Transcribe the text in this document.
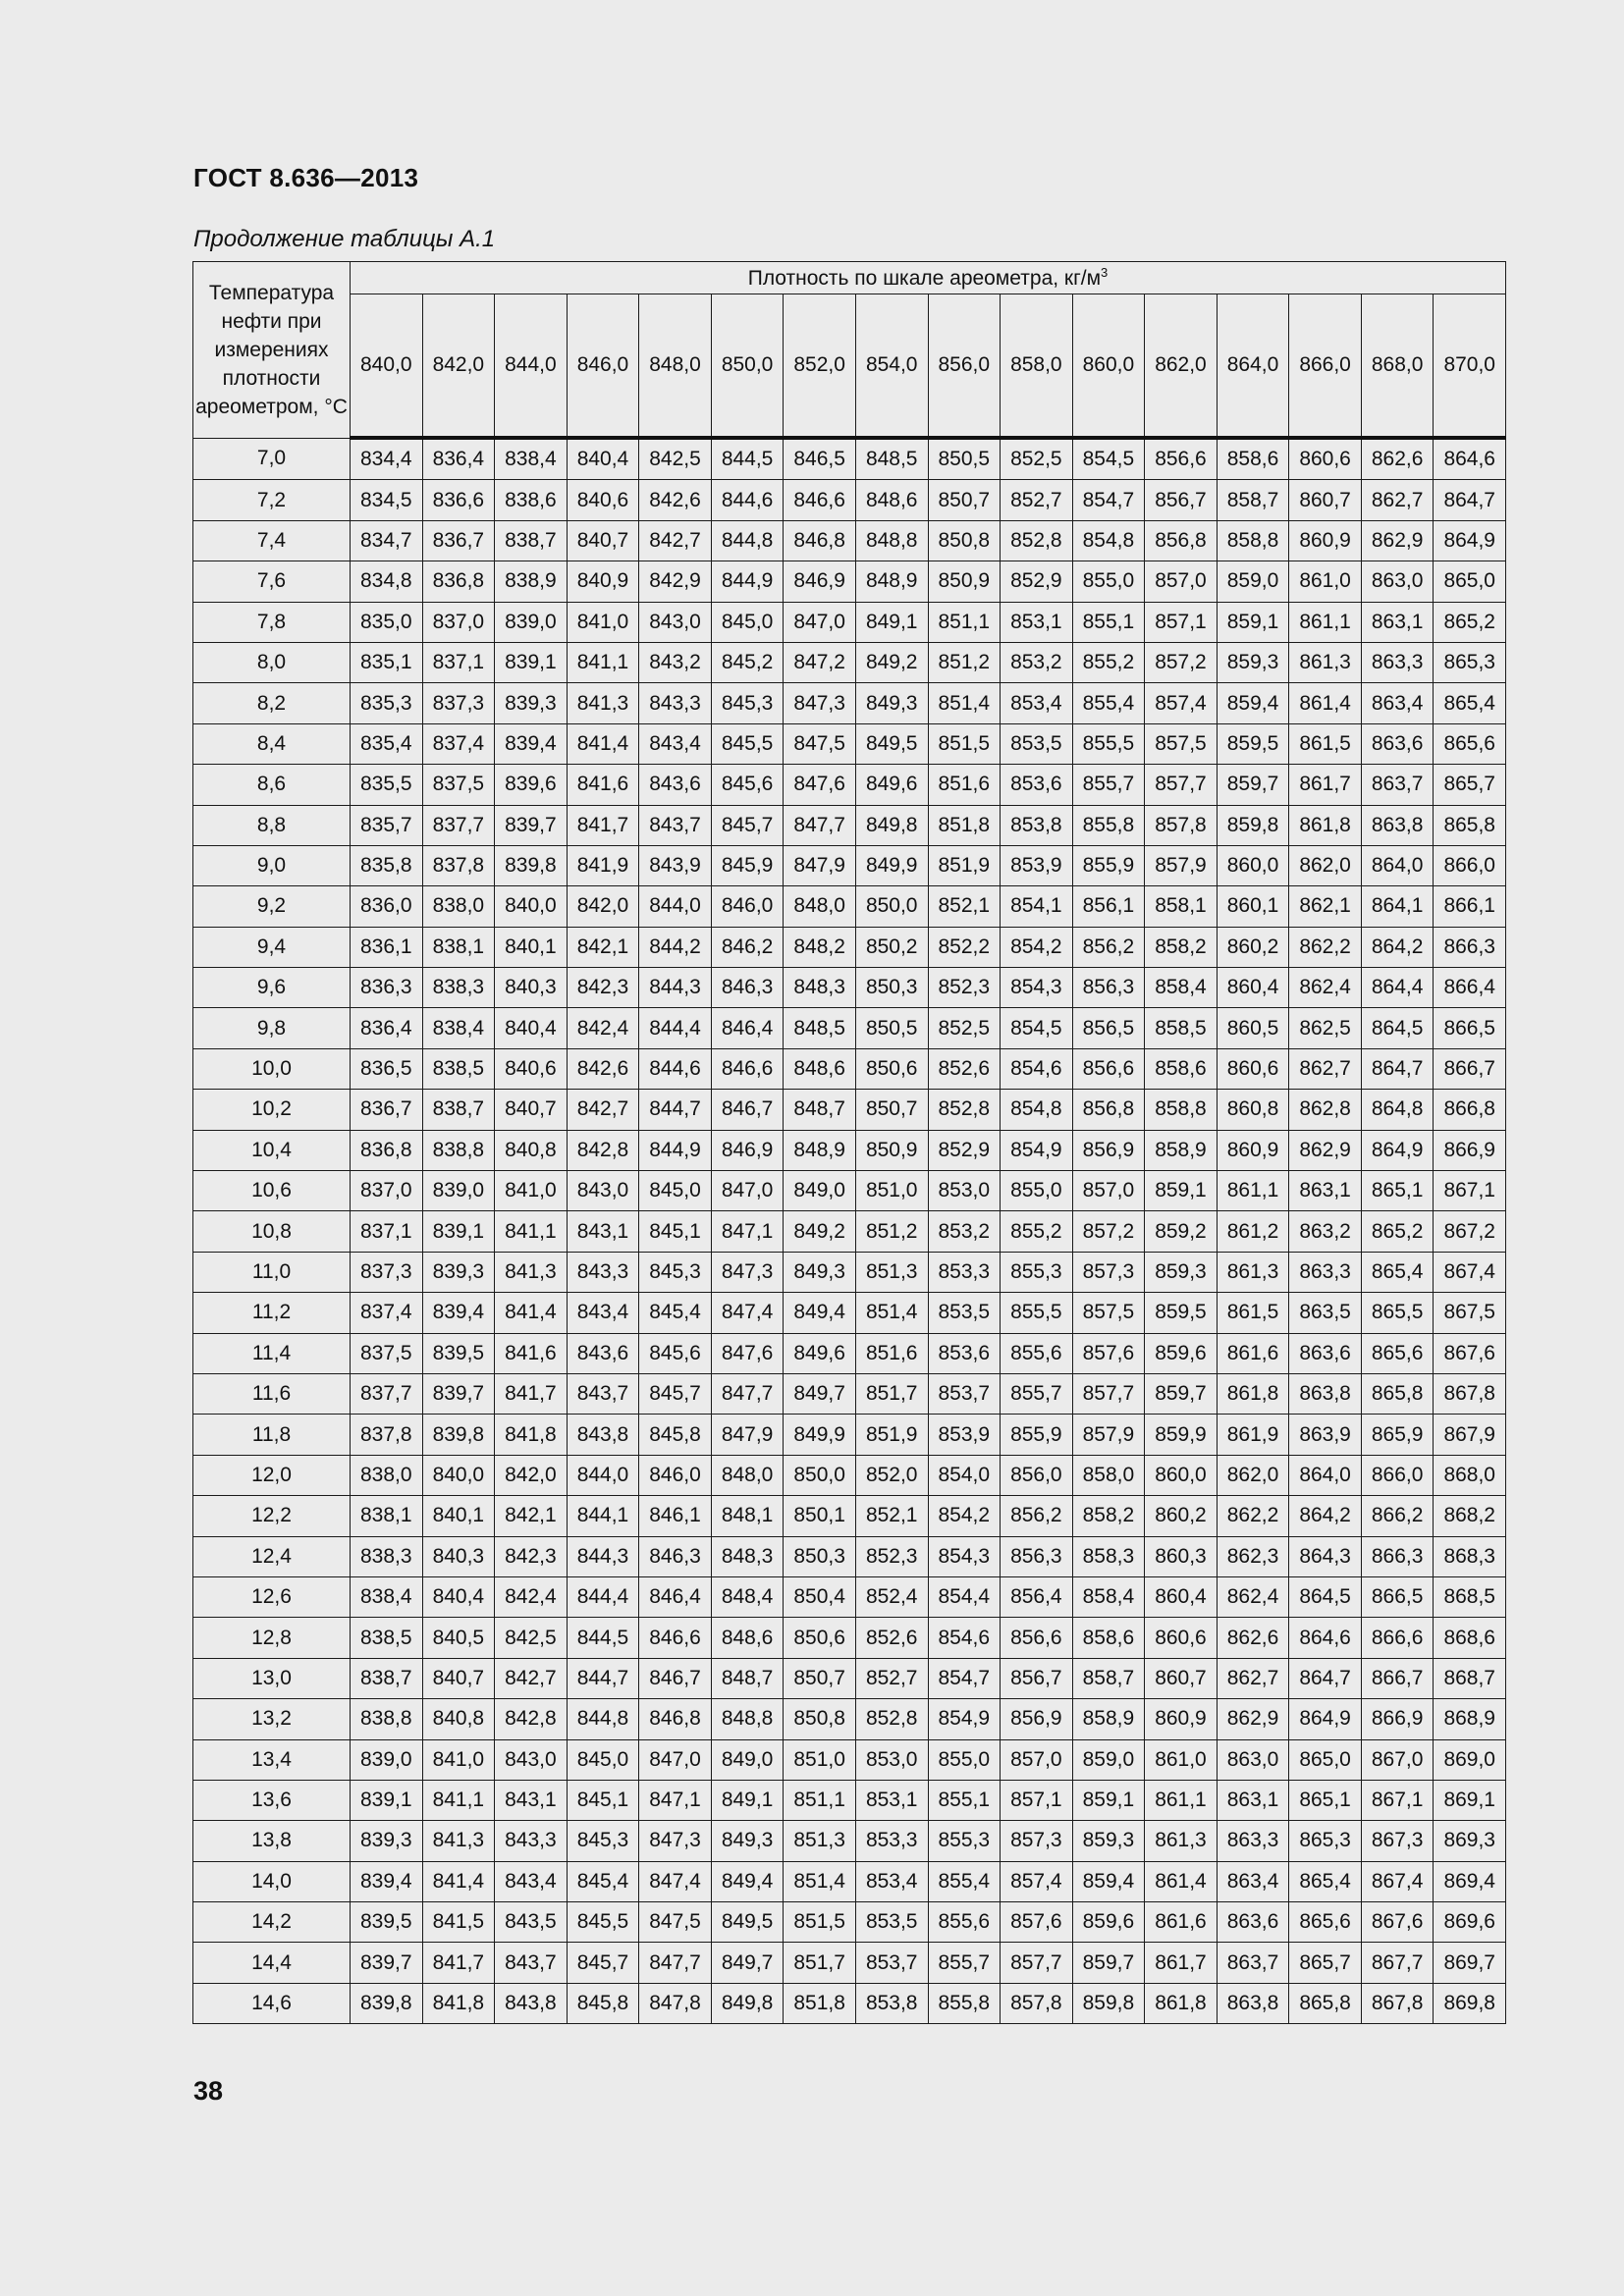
ГОСТ 8.636—2013
Продолжение таблицы А.1
Температура нефти при измерениях плотности ареометром, °С	Плотность по шкале ареометра, $кг/м^3$
	840,0	842,0	844,0	846,0	848,0	850,0	852,0	854,0	856,0	858,0	860,0	862,0	864,0	866,0	868,0	870,0
7,0	834,4	836,4	838,4	840,4	842,5	844,5	846,5	848,5	850,5	852,5	854,5	856,6	858,6	860,6	862,6	864,6
7,2	834,5	836,6	838,6	840,6	842,6	844,6	846,6	848,6	850,7	852,7	854,7	856,7	858,7	860,7	862,7	864,7
7,4	834,7	836,7	838,7	840,7	842,7	844,8	846,8	848,8	850,8	852,8	854,8	856,8	858,8	860,9	862,9	864,9
7,6	834,8	836,8	838,9	840,9	842,9	844,9	846,9	848,9	850,9	852,9	855,0	857,0	859,0	861,0	863,0	865,0
7,8	835,0	837,0	839,0	841,0	843,0	845,0	847,0	849,1	851,1	853,1	855,1	857,1	859,1	861,1	863,1	865,2
8,0	835,1	837,1	839,1	841,1	843,2	845,2	847,2	849,2	851,2	853,2	855,2	857,2	859,3	861,3	863,3	865,3
8,2	835,3	837,3	839,3	841,3	843,3	845,3	847,3	849,3	851,4	853,4	855,4	857,4	859,4	861,4	863,4	865,4
8,4	835,4	837,4	839,4	841,4	843,4	845,5	847,5	849,5	851,5	853,5	855,5	857,5	859,5	861,5	863,6	865,6
8,6	835,5	837,5	839,6	841,6	843,6	845,6	847,6	849,6	851,6	853,6	855,7	857,7	859,7	861,7	863,7	865,7
8,8	835,7	837,7	839,7	841,7	843,7	845,7	847,7	849,8	851,8	853,8	855,8	857,8	859,8	861,8	863,8	865,8
9,0	835,8	837,8	839,8	841,9	843,9	845,9	847,9	849,9	851,9	853,9	855,9	857,9	860,0	862,0	864,0	866,0
9,2	836,0	838,0	840,0	842,0	844,0	846,0	848,0	850,0	852,1	854,1	856,1	858,1	860,1	862,1	864,1	866,1
9,4	836,1	838,1	840,1	842,1	844,2	846,2	848,2	850,2	852,2	854,2	856,2	858,2	860,2	862,2	864,2	866,3
9,6	836,3	838,3	840,3	842,3	844,3	846,3	848,3	850,3	852,3	854,3	856,3	858,4	860,4	862,4	864,4	866,4
9,8	836,4	838,4	840,4	842,4	844,4	846,4	848,5	850,5	852,5	854,5	856,5	858,5	860,5	862,5	864,5	866,5
10,0	836,5	838,5	840,6	842,6	844,6	846,6	848,6	850,6	852,6	854,6	856,6	858,6	860,6	862,7	864,7	866,7
10,2	836,7	838,7	840,7	842,7	844,7	846,7	848,7	850,7	852,8	854,8	856,8	858,8	860,8	862,8	864,8	866,8
10,4	836,8	838,8	840,8	842,8	844,9	846,9	848,9	850,9	852,9	854,9	856,9	858,9	860,9	862,9	864,9	866,9
10,6	837,0	839,0	841,0	843,0	845,0	847,0	849,0	851,0	853,0	855,0	857,0	859,1	861,1	863,1	865,1	867,1
10,8	837,1	839,1	841,1	843,1	845,1	847,1	849,2	851,2	853,2	855,2	857,2	859,2	861,2	863,2	865,2	867,2
11,0	837,3	839,3	841,3	843,3	845,3	847,3	849,3	851,3	853,3	855,3	857,3	859,3	861,3	863,3	865,4	867,4
11,2	837,4	839,4	841,4	843,4	845,4	847,4	849,4	851,4	853,5	855,5	857,5	859,5	861,5	863,5	865,5	867,5
11,4	837,5	839,5	841,6	843,6	845,6	847,6	849,6	851,6	853,6	855,6	857,6	859,6	861,6	863,6	865,6	867,6
11,6	837,7	839,7	841,7	843,7	845,7	847,7	849,7	851,7	853,7	855,7	857,7	859,7	861,8	863,8	865,8	867,8
11,8	837,8	839,8	841,8	843,8	845,8	847,9	849,9	851,9	853,9	855,9	857,9	859,9	861,9	863,9	865,9	867,9
12,0	838,0	840,0	842,0	844,0	846,0	848,0	850,0	852,0	854,0	856,0	858,0	860,0	862,0	864,0	866,0	868,0
12,2	838,1	840,1	842,1	844,1	846,1	848,1	850,1	852,1	854,2	856,2	858,2	860,2	862,2	864,2	866,2	868,2
12,4	838,3	840,3	842,3	844,3	846,3	848,3	850,3	852,3	854,3	856,3	858,3	860,3	862,3	864,3	866,3	868,3
12,6	838,4	840,4	842,4	844,4	846,4	848,4	850,4	852,4	854,4	856,4	858,4	860,4	862,4	864,5	866,5	868,5
12,8	838,5	840,5	842,5	844,5	846,6	848,6	850,6	852,6	854,6	856,6	858,6	860,6	862,6	864,6	866,6	868,6
13,0	838,7	840,7	842,7	844,7	846,7	848,7	850,7	852,7	854,7	856,7	858,7	860,7	862,7	864,7	866,7	868,7
13,2	838,8	840,8	842,8	844,8	846,8	848,8	850,8	852,8	854,9	856,9	858,9	860,9	862,9	864,9	866,9	868,9
13,4	839,0	841,0	843,0	845,0	847,0	849,0	851,0	853,0	855,0	857,0	859,0	861,0	863,0	865,0	867,0	869,0
13,6	839,1	841,1	843,1	845,1	847,1	849,1	851,1	853,1	855,1	857,1	859,1	861,1	863,1	865,1	867,1	869,1
13,8	839,3	841,3	843,3	845,3	847,3	849,3	851,3	853,3	855,3	857,3	859,3	861,3	863,3	865,3	867,3	869,3
14,0	839,4	841,4	843,4	845,4	847,4	849,4	851,4	853,4	855,4	857,4	859,4	861,4	863,4	865,4	867,4	869,4
14,2	839,5	841,5	843,5	845,5	847,5	849,5	851,5	853,5	855,6	857,6	859,6	861,6	863,6	865,6	867,6	869,6
14,4	839,7	841,7	843,7	845,7	847,7	849,7	851,7	853,7	855,7	857,7	859,7	861,7	863,7	865,7	867,7	869,7
14,6	839,8	841,8	843,8	845,8	847,8	849,8	851,8	853,8	855,8	857,8	859,8	861,8	863,8	865,8	867,8	869,8
38
